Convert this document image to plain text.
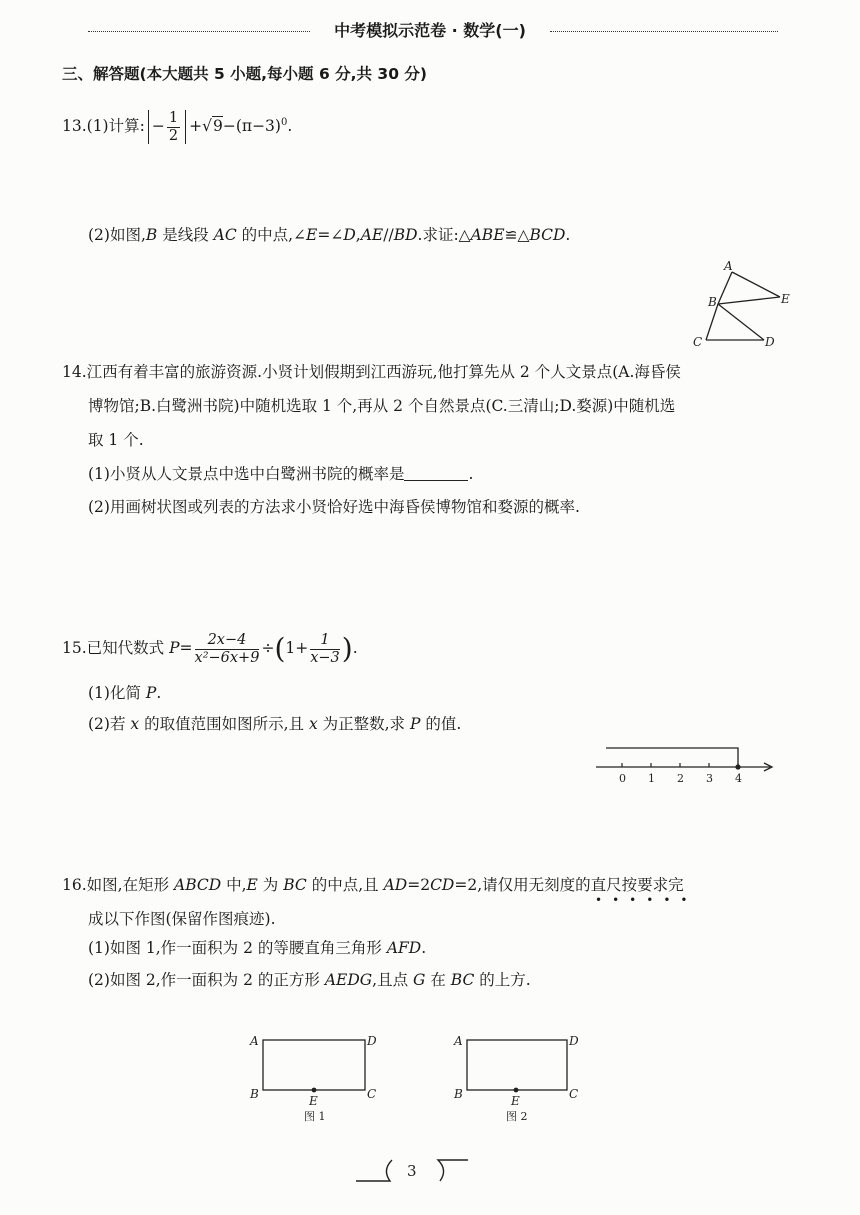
中考模拟示范卷 · 数学(一)
三、解答题(本大题共 5 小题,每小题 6 分,共 30 分)
13.(1)计算: − $\frac{1}{2} +√9-(\pi-3)^0$.
(2)如图,B 是线段 AC 的中点,∠E=∠D,AE//BD.求证:△ABE≌△BCD.
A
B
C	D
E
14.江西有着丰富的旅游资源.小贤计划假期到江西游玩,他打算先从 2 个人文景点(A.海昏侯
博物馆;B.白鹭洲书院)中随机选取 1 个,再从 2 个自然景点(C.三清山;D.婺源)中随机选
取 1 个.
(1)小贤从人文景点中选中白鹭洲书院的概率是	.
(2)用画树状图或列表的方法求小贤恰好选中海昏侯博物馆和婺源的概率.
15.已知代数式 $P= \frac{2x-4}{\text{x²−6x+9}} \div(1+ \frac{1}{x-3}$ ).
(1)化简 P.
(2)若 x 的取值范围如图所示,且 x 为正整数,求 P 的值.
0 1 2 3 4
16.如图,在矩形 ABCD 中,E 为 BC 的中点,且 AD=2CD=2,请仅用无刻度的直尺按要求完
••••••
成以下作图(保留作图痕迹).
(1)如图 1,作一面积为 2 的等腰直角三角形 AFD.
(2)如图 2,作一面积为 2 的正方形 AEDG,且点 G 在 BC 的上方.
A	D
B	C
E
图 1
A	D
B	C
E
图 2
3
